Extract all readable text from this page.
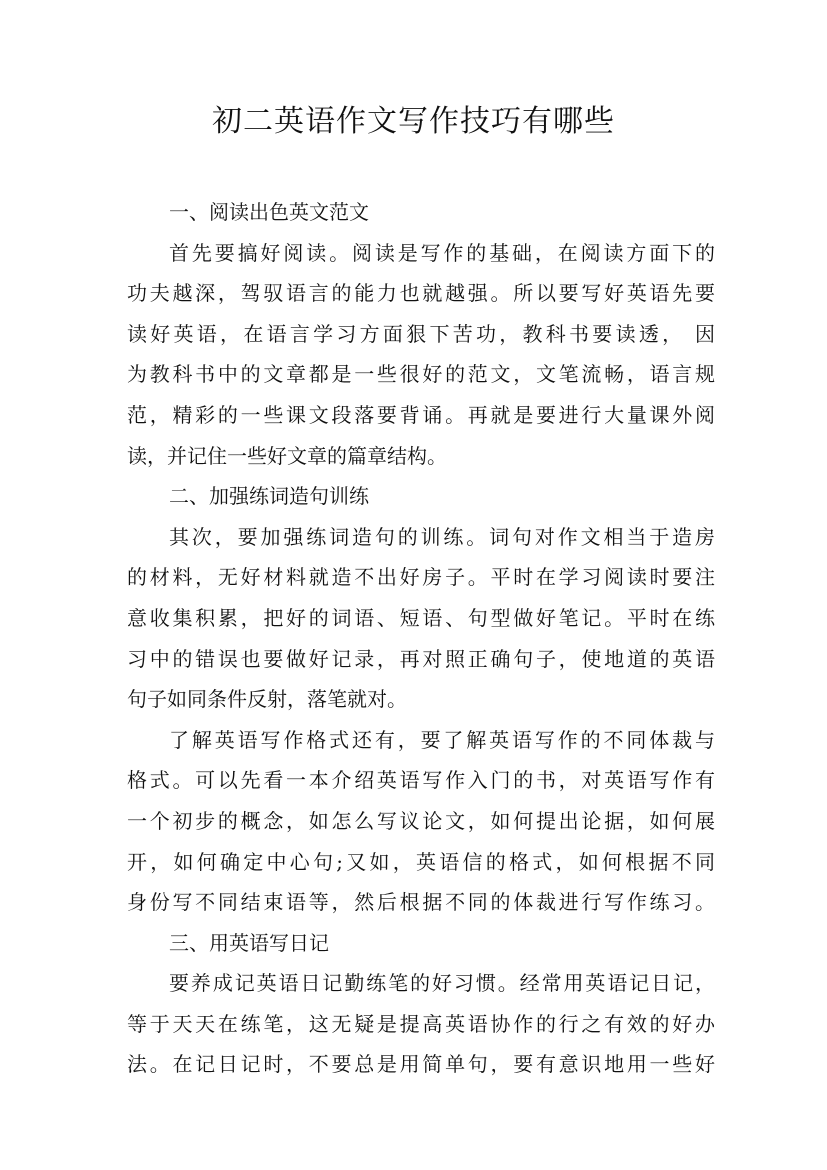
初二英语作文写作技巧有哪些
一、阅读出色英文范文
首先要搞好阅读。阅读是写作的基础，在阅读方面下的
功夫越深，驾驭语言的能力也就越强。所以要写好英语先要
读好英语，在语言学习方面狠下苦功，教科书要读透， 因
为教科书中的文章都是一些很好的范文，文笔流畅，语言规
范，精彩的一些课文段落要背诵。再就是要进行大量课外阅
读，并记住一些好文章的篇章结构。
二、加强练词造句训练
其次，要加强练词造句的训练。词句对作文相当于造房
的材料，无好材料就造不出好房子。平时在学习阅读时要注
意收集积累，把好的词语、短语、句型做好笔记。平时在练
习中的错误也要做好记录，再对照正确句子，使地道的英语
句子如同条件反射，落笔就对。
了解英语写作格式还有，要了解英语写作的不同体裁与
格式。可以先看一本介绍英语写作入门的书，对英语写作有
一个初步的概念，如怎么写议论文，如何提出论据，如何展
开，如何确定中心句;又如，英语信的格式，如何根据不同
身份写不同结束语等，然后根据不同的体裁进行写作练习。
三、用英语写日记
要养成记英语日记勤练笔的好习惯。经常用英语记日记，
等于天天在练笔，这无疑是提高英语协作的行之有效的好办
法。在记日记时，不要总是用简单句，要有意识地用一些好
